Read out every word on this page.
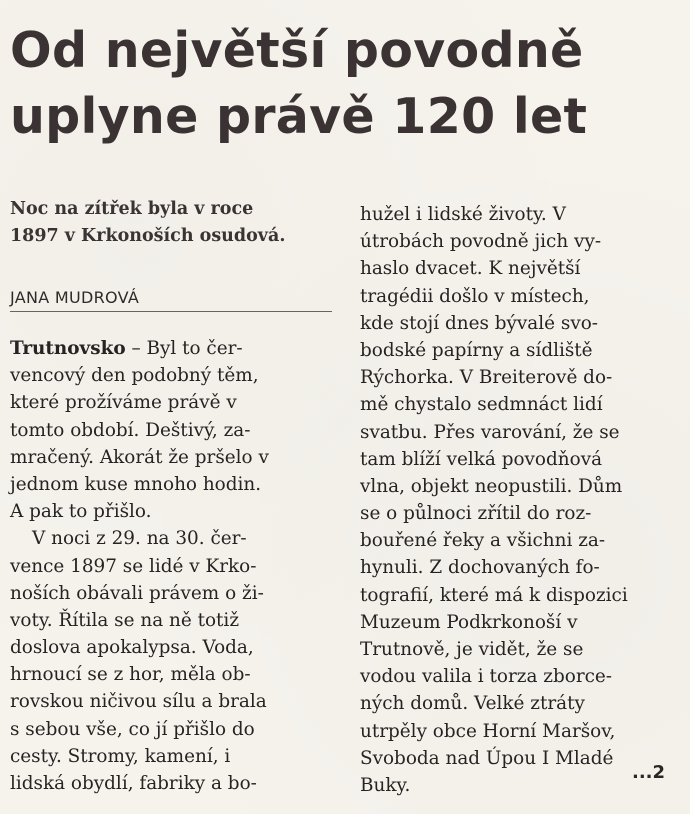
Od největší povodně
uplyne právě 120 let
Noc na zítřek byla v roce
1897 v Krkonoších osudová.
JANA MUDROVÁ
Trutnovsko – Byl to čer-
vencový den podobný těm,
které prožíváme právě v
tomto období. Deštivý, za-
mračený. Akorát že pršelo v
jednom kuse mnoho hodin.
A pak to přišlo.
V noci z 29. na 30. čer-
vence 1897 se lidé v Krko-
noších obávali právem o ži-
voty. Řítila se na ně totiž
doslova apokalypsa. Voda,
hrnoucí se z hor, měla ob-
rovskou ničivou sílu a brala
s sebou vše, co jí přišlo do
cesty. Stromy, kamení, i
lidská obydlí, fabriky a bo-
hužel i lidské životy. V
útrobách povodně jich vy-
haslo dvacet. K největší
tragédii došlo v místech,
kde stojí dnes bývalé svo-
bodské papírny a sídliště
Rýchorka. V Breiterově do-
mě chystalo sedmnáct lidí
svatbu. Přes varování, že se
tam blíží velká povodňová
vlna, objekt neopustili. Dům
se o půlnoci zřítil do roz-
bouřené řeky a všichni za-
hynuli. Z dochovaných fo-
tografií, které má k dispozici
Muzeum Podkrkonoší v
Trutnově, je vidět, že se
vodou valila i torza zborce-
ných domů. Velké ztráty
utrpěly obce Horní Maršov,
Svoboda nad Úpou I Mladé
Buky.
...2
